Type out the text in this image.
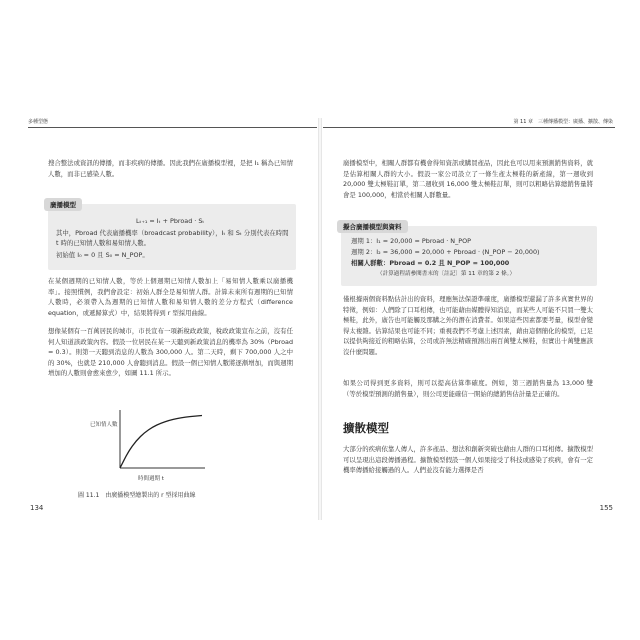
多種型態
搜合整法或資訊的傳播，而非疾病的傳播。因此我們在廣播模型裡，是把 I₁ 稱為已知情人數，而非已感染人數。
廣播模型
Lₜ₊₁ = Iₜ + Pbroad · Sₜ
其中，Pbroad 代表廣播機率（broadcast probability），Iₜ 和 Sₜ 分別代表在時間
t 時的已知情人數和易知情人數。
初始值 I₀ = 0 且 S₀ = N_POP。
在某個週期的已知情人數，等於上個週期已知情人數加上「易知情人數乘以廣播機率」。接照慣例，我們會設定：初始人群全是易知情人群。計算未來所有週期的已知情人數時，必須帶入為週期的已知情人數和易知情人數的差分方程式（difference equation，或遞歸算式）中，結果將得到 r 型採用曲線。
想像某個有一百萬居民的城市，市長宣布一項新稅政政策，稅政政策宣布之前，沒有任何人知道該政策內容。假設一位居民在某一天聽到新政策消息的機率為 30%（Pbroad = 0.3）。則第一天聽到消息的人數為 300,000 人。第二天時，剩下 700,000 人之中的 30%，也就是 210,000 人會聽到消息。假設一個已知情人數將逐漸增加，而與週期增加的人數則會愈來愈少，如圖 11.1 所示。
已知情人數
時間週期 t
圖 11.1　由廣播模型繪製出的 r 型採用曲線
134
第 11 章　三種傳播模型：廣播、擴散、傳染
廣播模型中，相關人群都有機會得知資訊或購買產品，因此也可以用來預測銷售資料，就是估算相關人群的大小。假設一家公司設立了一條生產太極鞋的新產線，第一週收到 20,000 雙太極鞋訂單，第二週收到 16,000 雙太極鞋訂單，則可以粗略估算總銷售量將會是 100,000，相當於相關人群數量。
擬合廣播模型與資料
週期 1：I₁ = 20,000 = Pbroad · N_POP
週期 2：I₂ = 36,000 = 20,000 + Pbroad · (N_POP − 20,000)
相關人群數：Pbroad = 0.2 且 N_POP = 100,000
（計算過程請參閱書末的〔註記〕第 11 章的第 2 條。）
僅根據兩個資料點估計出的資料，理應無法保證準確度，廣播模型還漏了許多真實世界的特徵，例如：人們除了口耳相傳，也可能藉由媒體得知消息，而某些人可能不只買一雙太極鞋，此外，廣告也可能觸及那購之外的潛在消費者。如果這些因素都要考量，模型會變得太複雜。估算結果也可能不同；重視我們不考慮上述因素，藉由這個簡化的模型，已足以提供夠接近的粗略估算，公司或許無法精確預測出兩百萬雙太極鞋，但實出十萬雙應該沒什麼問題。
如果公司得到更多資料，則可以提高估算準確度。例如，第三週銷售量為 13,000 雙（等於模型預測的銷售量），則公司更能確信一開始的總銷售估計量是正確的。
擴散模型
大部分的疾病依靠人傳人，許多產品、想法和創新突破也藉由人群的口耳相傳。擴散模型可以呈現出這段傳播過程。擴散模型假設一個人如果接受了科技或感染了疾病，會有一定機率傳播給接觸過的人。人們並沒有能力選擇是否
155
